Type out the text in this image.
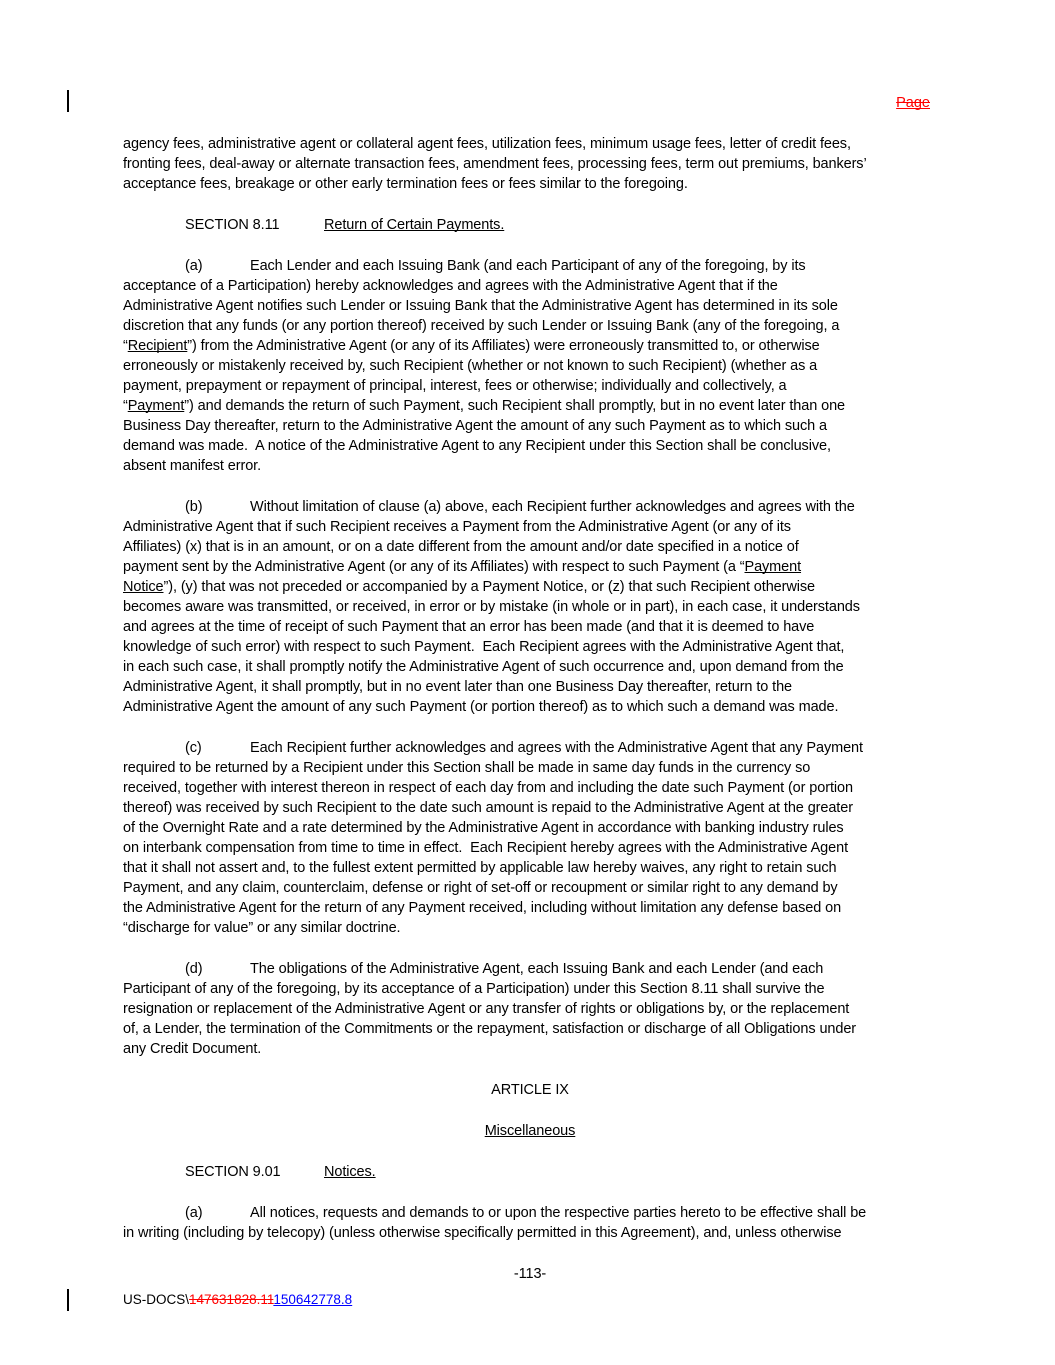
Page
agency fees, administrative agent or collateral agent fees, utilization fees, minimum usage fees, letter of credit fees,
fronting fees, deal-away or alternate transaction fees, amendment fees, processing fees, term out premiums, bankers’
acceptance fees, breakage or other early termination fees or fees similar to the foregoing.
SECTION 8.11	Return of Certain Payments.
(a)	Each Lender and each Issuing Bank (and each Participant of any of the foregoing, by its
acceptance of a Participation) hereby acknowledges and agrees with the Administrative Agent that if the
Administrative Agent notifies such Lender or Issuing Bank that the Administrative Agent has determined in its sole
discretion that any funds (or any portion thereof) received by such Lender or Issuing Bank (any of the foregoing, a
“Recipient”) from the Administrative Agent (or any of its Affiliates) were erroneously transmitted to, or otherwise
erroneously or mistakenly received by, such Recipient (whether or not known to such Recipient) (whether as a
payment, prepayment or repayment of principal, interest, fees or otherwise; individually and collectively, a
“Payment”) and demands the return of such Payment, such Recipient shall promptly, but in no event later than one
Business Day thereafter, return to the Administrative Agent the amount of any such Payment as to which such a
demand was made.  A notice of the Administrative Agent to any Recipient under this Section shall be conclusive,
absent manifest error.
(b)	Without limitation of clause (a) above, each Recipient further acknowledges and agrees with the
Administrative Agent that if such Recipient receives a Payment from the Administrative Agent (or any of its
Affiliates) (x) that is in an amount, or on a date different from the amount and/or date specified in a notice of
payment sent by the Administrative Agent (or any of its Affiliates) with respect to such Payment (a “Payment
Notice”), (y) that was not preceded or accompanied by a Payment Notice, or (z) that such Recipient otherwise
becomes aware was transmitted, or received, in error or by mistake (in whole or in part), in each case, it understands
and agrees at the time of receipt of such Payment that an error has been made (and that it is deemed to have
knowledge of such error) with respect to such Payment.  Each Recipient agrees with the Administrative Agent that,
in each such case, it shall promptly notify the Administrative Agent of such occurrence and, upon demand from the
Administrative Agent, it shall promptly, but in no event later than one Business Day thereafter, return to the
Administrative Agent the amount of any such Payment (or portion thereof) as to which such a demand was made.
(c)	Each Recipient further acknowledges and agrees with the Administrative Agent that any Payment
required to be returned by a Recipient under this Section shall be made in same day funds in the currency so
received, together with interest thereon in respect of each day from and including the date such Payment (or portion
thereof) was received by such Recipient to the date such amount is repaid to the Administrative Agent at the greater
of the Overnight Rate and a rate determined by the Administrative Agent in accordance with banking industry rules
on interbank compensation from time to time in effect.  Each Recipient hereby agrees with the Administrative Agent
that it shall not assert and, to the fullest extent permitted by applicable law hereby waives, any right to retain such
Payment, and any claim, counterclaim, defense or right of set-off or recoupment or similar right to any demand by
the Administrative Agent for the return of any Payment received, including without limitation any defense based on
“discharge for value” or any similar doctrine.
(d)	The obligations of the Administrative Agent, each Issuing Bank and each Lender (and each
Participant of any of the foregoing, by its acceptance of a Participation) under this Section 8.11 shall survive the
resignation or replacement of the Administrative Agent or any transfer of rights or obligations by, or the replacement
of, a Lender, the termination of the Commitments or the repayment, satisfaction or discharge of all Obligations under
any Credit Document.
ARTICLE IX
Miscellaneous
SECTION 9.01	Notices.
(a)	All notices, requests and demands to or upon the respective parties hereto to be effective shall be
in writing (including by telecopy) (unless otherwise specifically permitted in this Agreement), and, unless otherwise
-113-
US-DOCS\147631828.11150642778.8
